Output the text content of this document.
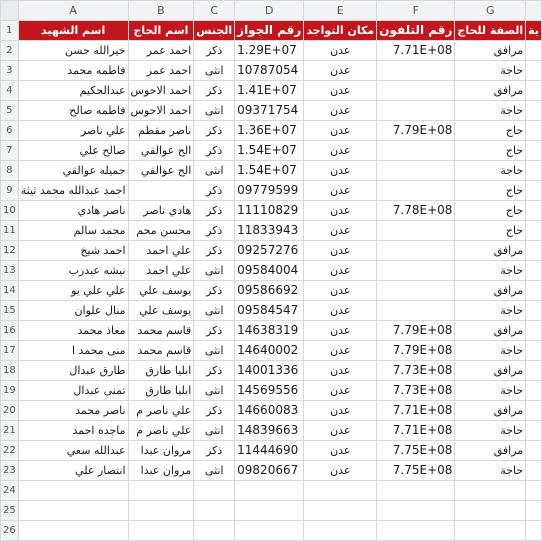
	A	B	C	D	E	F	G	
1	اسم الشهيد	اسم الحاج	الجنس	رقم الجواز	مكان التواجد	رقم التلفون	الصفة للحاج	ية
2	خيرالله حسن	احمد عمر	ذكر	1.29E+07	عدن	7.71E+08	مرافق	
3	فاطمه محمد	احمد عمر	انثى	10787054	عدن		حاجة	
4	عبدالحكيم	احمد الاحوس	ذكر	1.41E+07	عدن		مرافق	
5	فاطمه صالح	احمد الاحوس	انثى	09371754	عدن		حاجة	
6	علي ناصر	ناصر مقطم	ذكر	1.36E+07	عدن	7.79E+08	حاج	
7	صالح علي	الح عوالقي	ذكر	1.54E+07	عدن		حاج	
8	جميله عوالقي	الح عوالقي	انثى	1.54E+07	عدن		حاجة	
9	احمد عبدالله محمد ثيثة		ذكر	09779599	عدن		حاج	
10	ناصر هادي	هادي ناصر	ذكر	11110829	عدن	7.78E+08	حاج	
11	محمد سالم	محسن محم	ذكر	11833943	عدن		حاج	
12	احمد شيخ	علي احمد	ذكر	09257276	عدن		مرافق	
13	نيشه عبدرب	علي احمد	انثى	09584004	عدن		حاجة	
14	علي علي يو	يوسف علي	ذكر	09586692	عدن		مرافق	
15	منال علوان	يوسف علي	انثى	09584547	عدن		حاجة	
16	معاذ محمد	قاسم محمد	ذكر	14638319	عدن	7.79E+08	مرافق	
17	منى محمد ا	قاسم محمد	انثى	14640002	عدن	7.79E+08	حاجة	
18	طارق عبدال	ابليا طارق	ذكر	14001336	عدن	7.73E+08	مرافق	
19	تمنى عبدال	ابليا طارق	انثى	14569556	عدن	7.73E+08	حاجة	
20	ناصر محمد	علي ناصر م	ذكر	14660083	عدن	7.71E+08	مرافق	
21	ماجده احمد	علي ناصر م	انثى	14839663	عدن	7.71E+08	حاجة	
22	عبدالله سعي	مروان عبدا	ذكر	11444690	عدن	7.75E+08	مرافق	
23	انتصار علي	مروان عبدا	انثى	09820667	عدن	7.75E+08	حاجة	
24								
25								
26								
